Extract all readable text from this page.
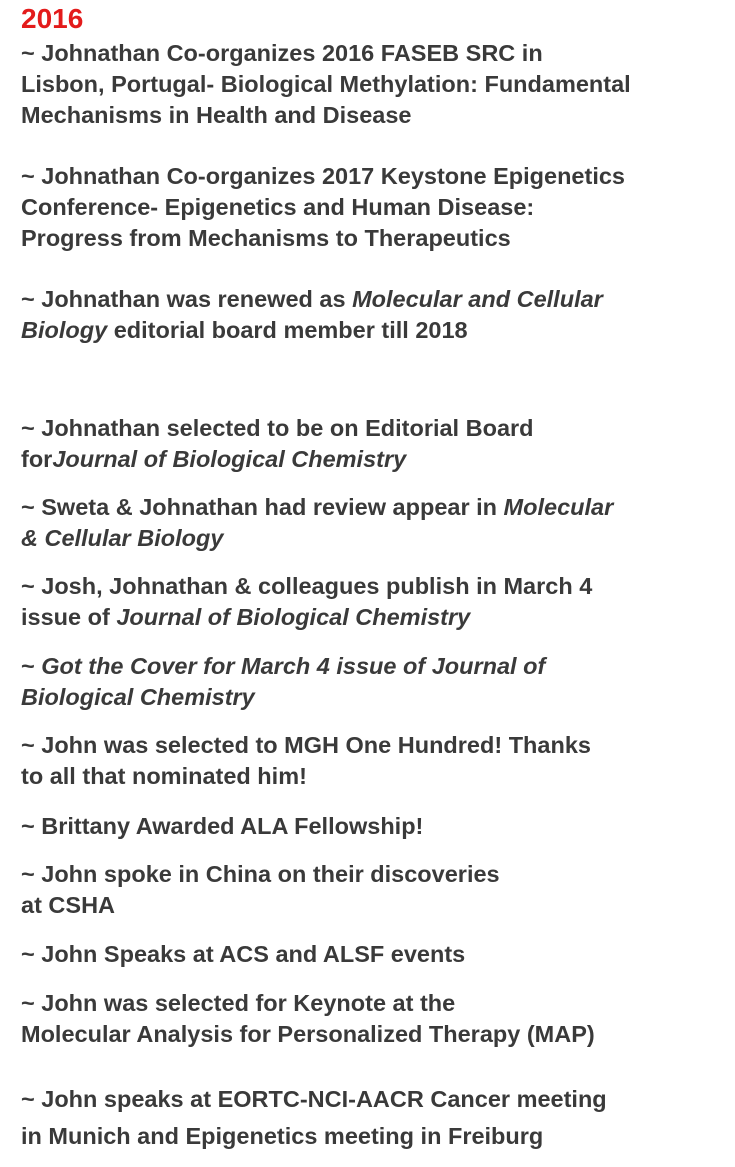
2016

~ Johnathan Co-organizes 2016 FASEB SRC in
Lisbon, Portugal- Biological Methylation: Fundamental
Mechanisms in Health and Disease

~ Johnathan Co-organizes 2017 Keystone Epigenetics
Conference- Epigenetics and Human Disease:
Progress from Mechanisms to Therapeutics

~ Johnathan was renewed as Molecular and Cellular
Biology editorial board member till 2018

~ Johnathan selected to be on Editorial Board
forJournal of Biological Chemistry

~ Sweta & Johnathan had review appear in Molecular
& Cellular Biology

~ Josh, Johnathan & colleagues publish in March 4
issue of Journal of Biological Chemistry

~ Got the Cover for March 4 issue of Journal of
Biological Chemistry

~ John was selected to MGH One Hundred! Thanks
to all that nominated him!

~ Brittany Awarded ALA Fellowship!

~ John spoke in China on their discoveries
at CSHA

~ John Speaks at ACS and ALSF events

~ John was selected for Keynote at the
Molecular Analysis for Personalized Therapy (MAP)

~ John speaks at EORTC-NCI-AACR Cancer meeting
in Munich and Epigenetics meeting in Freiburg
